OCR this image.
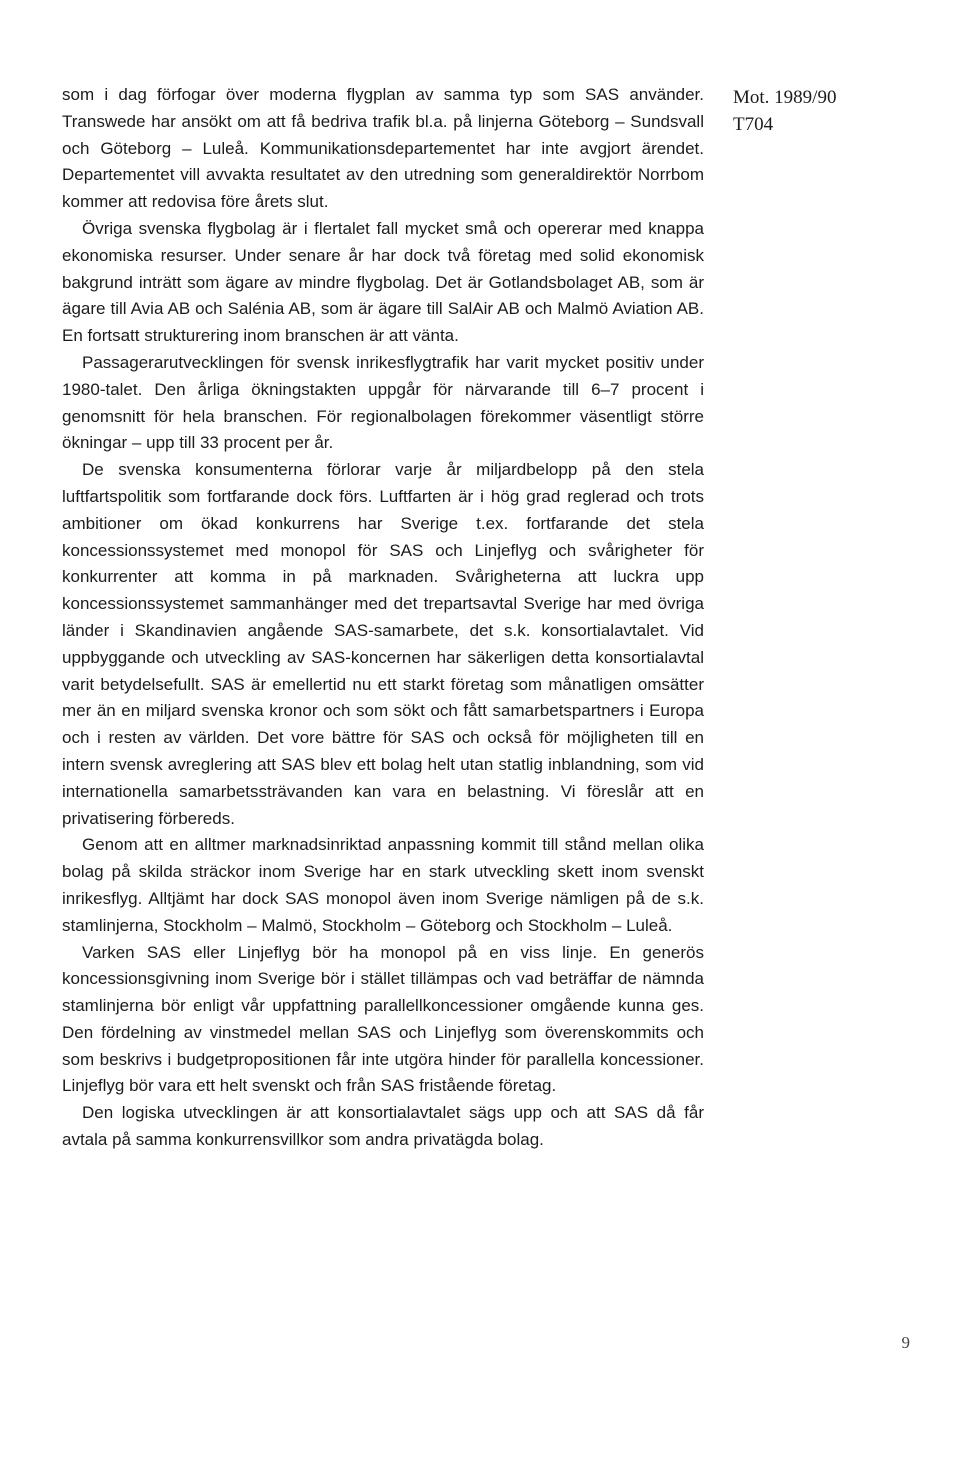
som i dag förfogar över moderna flygplan av samma typ som SAS använder. Transwede har ansökt om att få bedriva trafik bl.a. på linjerna Göteborg – Sundsvall och Göteborg – Luleå. Kommunikationsdepartementet har inte avgjort ärendet. Departementet vill avvakta resultatet av den utredning som generaldirektör Norrbom kommer att redovisa före årets slut.

Övriga svenska flygbolag är i flertalet fall mycket små och opererar med knappa ekonomiska resurser. Under senare år har dock två företag med solid ekonomisk bakgrund inträtt som ägare av mindre flygbolag. Det är Gotlandsbolaget AB, som är ägare till Avia AB och Salénia AB, som är ägare till SalAir AB och Malmö Aviation AB. En fortsatt strukturering inom branschen är att vänta.

Passagerarutvecklingen för svensk inrikesflygtrafik har varit mycket positiv under 1980-talet. Den årliga ökningstakten uppgår för närvarande till 6–7 procent i genomsnitt för hela branschen. För regionalbolagen förekommer väsentligt större ökningar – upp till 33 procent per år.

De svenska konsumenterna förlorar varje år miljardbelopp på den stela luftfartspolitik som fortfarande dock förs. Luftfarten är i hög grad reglerad och trots ambitioner om ökad konkurrens har Sverige t.ex. fortfarande det stela koncessionssystemet med monopol för SAS och Linjeflyg och svårigheter för konkurrenter att komma in på marknaden. Svårigheterna att luckra upp koncessionssystemet sammanhänger med det trepartsavtal Sverige har med övriga länder i Skandinavien angående SAS-samarbete, det s.k. konsortialavtalet. Vid uppbyggande och utveckling av SAS-koncernen har säkerligen detta konsortialavtal varit betydelsefullt. SAS är emellertid nu ett starkt företag som månatligen omsätter mer än en miljard svenska kronor och som sökt och fått samarbetspartners i Europa och i resten av världen. Det vore bättre för SAS och också för möjligheten till en intern svensk avreglering att SAS blev ett bolag helt utan statlig inblandning, som vid internationella samarbetssträvanden kan vara en belastning. Vi föreslår att en privatisering förbereds.

Genom att en alltmer marknadsinriktad anpassning kommit till stånd mellan olika bolag på skilda sträckor inom Sverige har en stark utveckling skett inom svenskt inrikesflyg. Alltjämt har dock SAS monopol även inom Sverige nämligen på de s.k. stamlinjerna, Stockholm – Malmö, Stockholm – Göteborg och Stockholm – Luleå.

Varken SAS eller Linjeflyg bör ha monopol på en viss linje. En generös koncessionsgivning inom Sverige bör i stället tillämpas och vad beträffar de nämnda stamlinjerna bör enligt vår uppfattning parallellkoncessioner omgående kunna ges. Den fördelning av vinstmedel mellan SAS och Linjeflyg som överenskommits och som beskrivs i budgetpropositionen får inte utgöra hinder för parallella koncessioner. Linjeflyg bör vara ett helt svenskt och från SAS fristående företag.

Den logiska utvecklingen är att konsortialavtalet sägs upp och att SAS då får avtala på samma konkurrensvillkor som andra privatägda bolag.

Mot. 1989/90
T704
9
